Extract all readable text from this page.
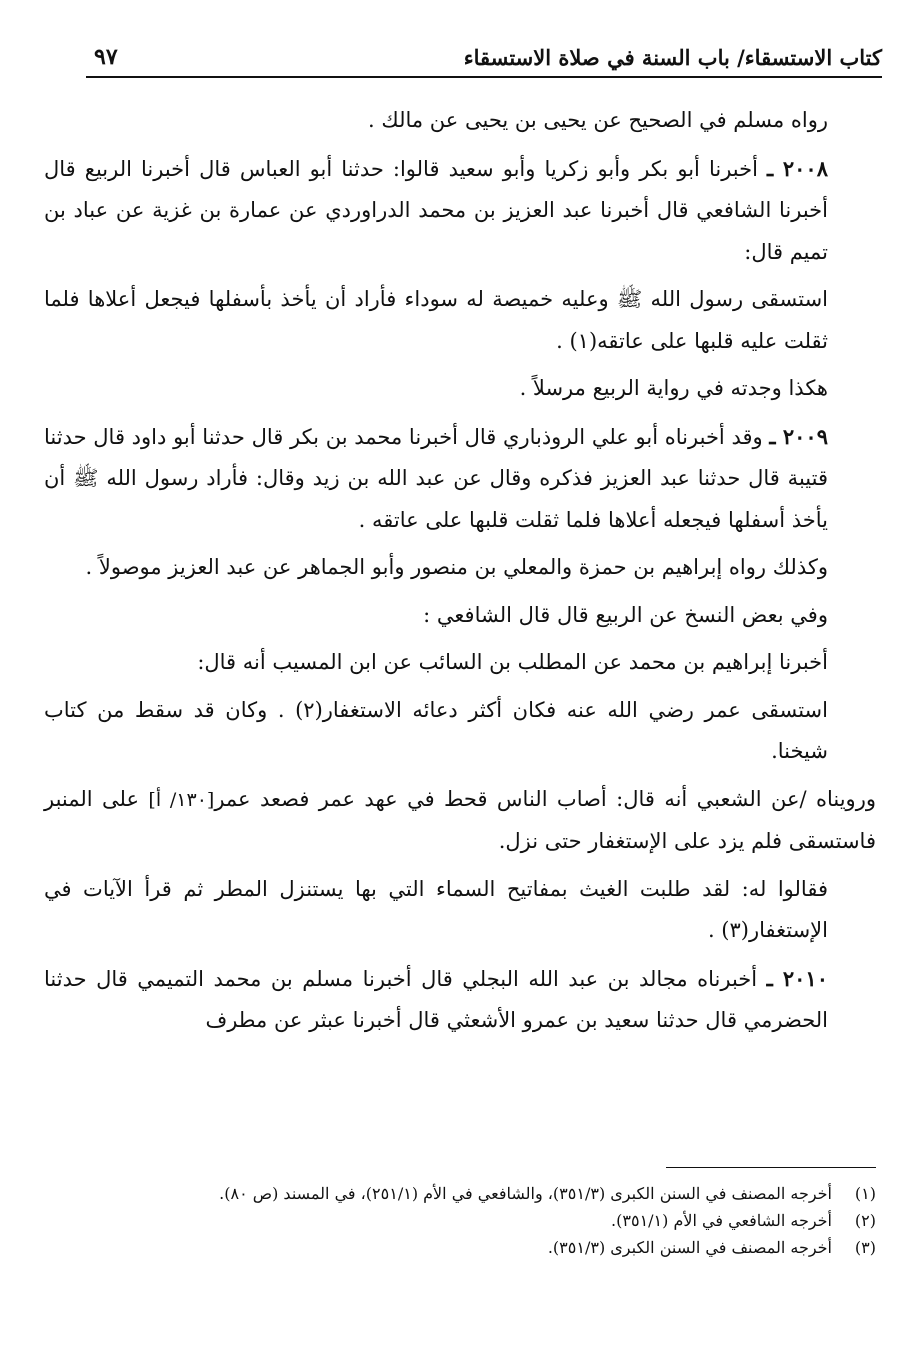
كتاب الاستسقاء/ باب السنة في صلاة الاستسقاء
٩٧

رواه مسلم في الصحيح عن يحيى بن يحيى عن مالك .

٢٠٠٨ ـ أخبرنا أبو بكر وأبو زكريا وأبو سعيد قالوا: حدثنا أبو العباس قال أخبرنا الربيع قال أخبرنا الشافعي قال أخبرنا عبد العزيز بن محمد الدراوردي عن عمارة بن غزية عن عباد بن تميم قال:

استسقى رسول الله ﷺ وعليه خميصة له سوداء فأراد أن يأخذ بأسفلها فيجعل أعلاها فلما ثقلت عليه قلبها على عاتقه(١) .

هكذا وجدته في رواية الربيع مرسلاً .

٢٠٠٩ ـ وقد أخبرناه أبو علي الروذباري قال أخبرنا محمد بن بكر قال حدثنا أبو داود قال حدثنا قتيبة قال حدثنا عبد العزيز فذكره وقال عن عبد الله بن زيد وقال: فأراد رسول الله ﷺ أن يأخذ أسفلها فيجعله أعلاها فلما ثقلت قلبها على عاتقه .

وكذلك رواه إبراهيم بن حمزة والمعلي بن منصور وأبو الجماهر عن عبد العزيز موصولاً .

وفي بعض النسخ عن الربيع قال قال الشافعي :

أخبرنا إبراهيم بن محمد عن المطلب بن السائب عن ابن المسيب أنه قال:

استسقى عمر رضي الله عنه فكان أكثر دعائه الاستغفار(٢) . وكان قد سقط من كتاب شيخنا.

ورويناه /عن الشعبي أنه قال: أصاب الناس قحط في عهد عمر فصعد عمر[١٣٠/ أ] على المنبر فاستسقى فلم يزد على الإستغفار حتى نزل.

فقالوا له: لقد طلبت الغيث بمفاتيح السماء التي بها يستنزل المطر ثم قرأ الآيات في الإستغفار(٣) .

٢٠١٠ ـ أخبرناه مجالد بن عبد الله البجلي قال أخبرنا مسلم بن محمد التميمي قال حدثنا الحضرمي قال حدثنا سعيد بن عمرو الأشعثي قال أخبرنا عبثر عن مطرف

(١)
أخرجه المصنف في السنن الكبرى (٣٥١/٣)، والشافعي في الأم (٢٥١/١)، في المسند (ص ٨٠).
(٢)
أخرجه الشافعي في الأم (٣٥١/١).
(٣)
أخرجه المصنف في السنن الكبرى (٣٥١/٣).
